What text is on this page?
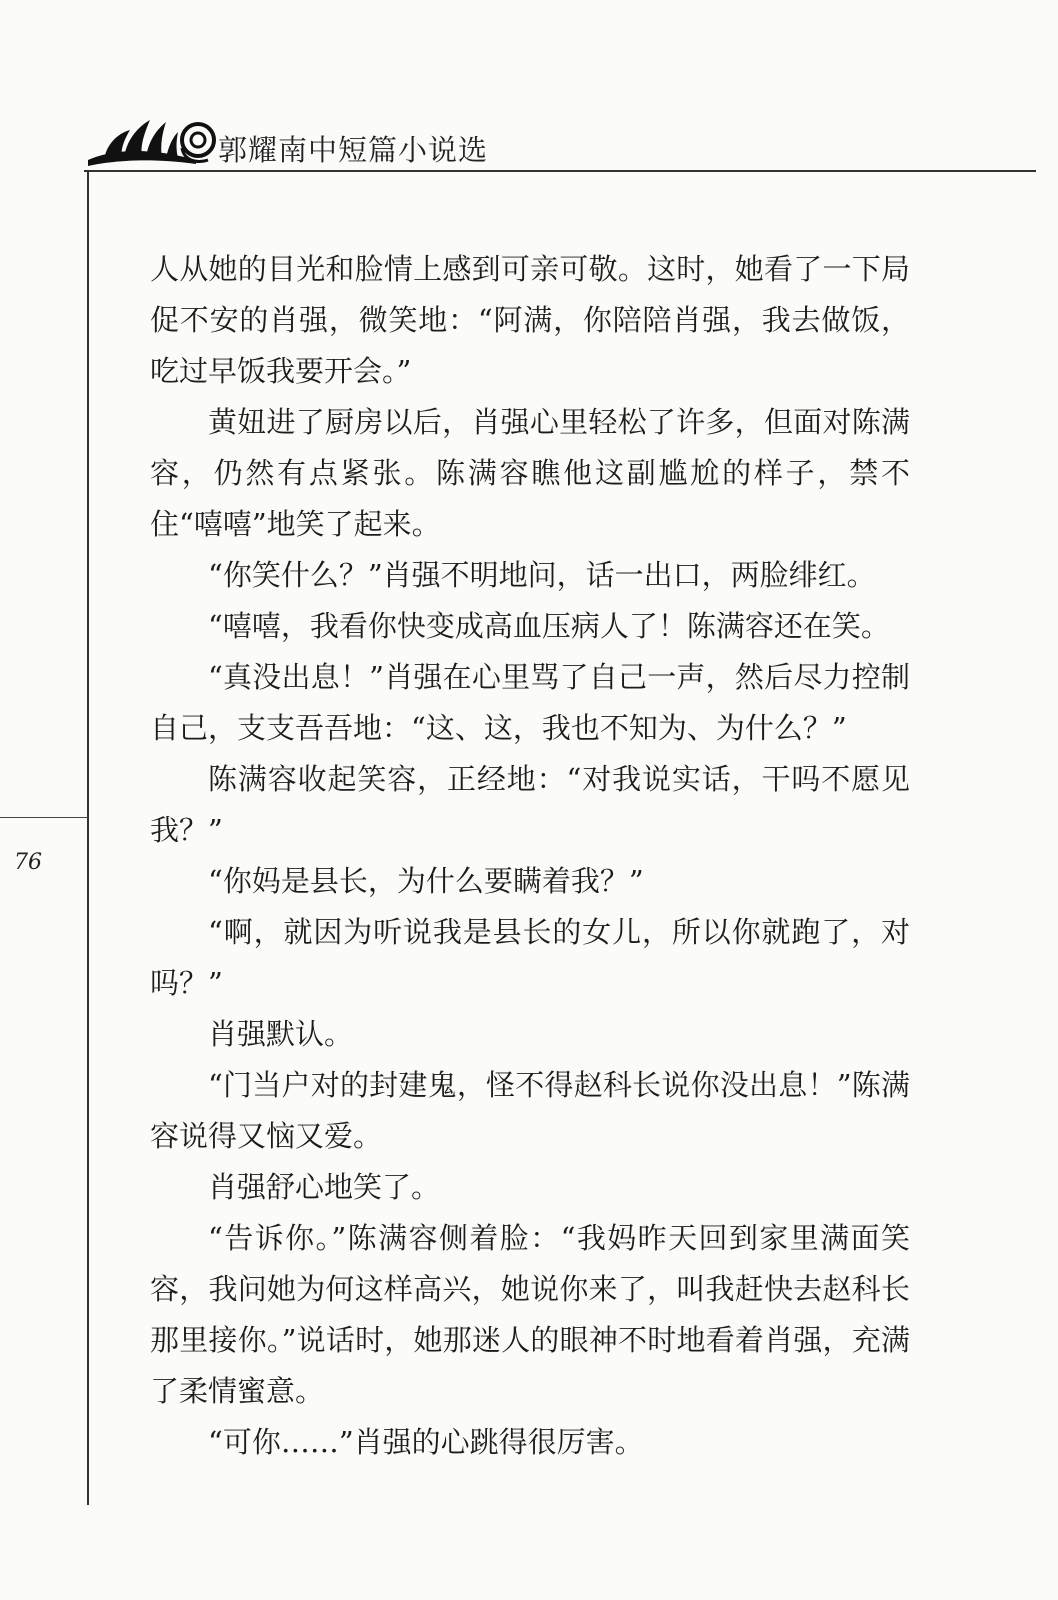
郭耀南中短篇小说选
76

人从她的目光和脸情上感到可亲可敬。这时，她看了一下局促不安的肖强，微笑地：“阿满，你陪陪肖强，我去做饭，吃过早饭我要开会。”

黄妞进了厨房以后，肖强心里轻松了许多，但面对陈满容，仍然有点紧张。陈满容瞧他这副尴尬的样子，禁不住“嘻嘻”地笑了起来。

“你笑什么？”肖强不明地问，话一出口，两脸绯红。

“嘻嘻，我看你快变成高血压病人了！陈满容还在笑。

“真没出息！”肖强在心里骂了自己一声，然后尽力控制自己，支支吾吾地：“这、这，我也不知为、为什么？”

陈满容收起笑容，正经地：“对我说实话，干吗不愿见我？”

“你妈是县长，为什么要瞒着我？”

“啊，就因为听说我是县长的女儿，所以你就跑了，对吗？”

肖强默认。

“门当户对的封建鬼，怪不得赵科长说你没出息！”陈满容说得又恼又爱。

肖强舒心地笑了。

“告诉你。”陈满容侧着脸：“我妈昨天回到家里满面笑容，我问她为何这样高兴，她说你来了，叫我赶快去赵科长那里接你。”说话时，她那迷人的眼神不时地看着肖强，充满了柔情蜜意。

“可你……”肖强的心跳得很厉害。
